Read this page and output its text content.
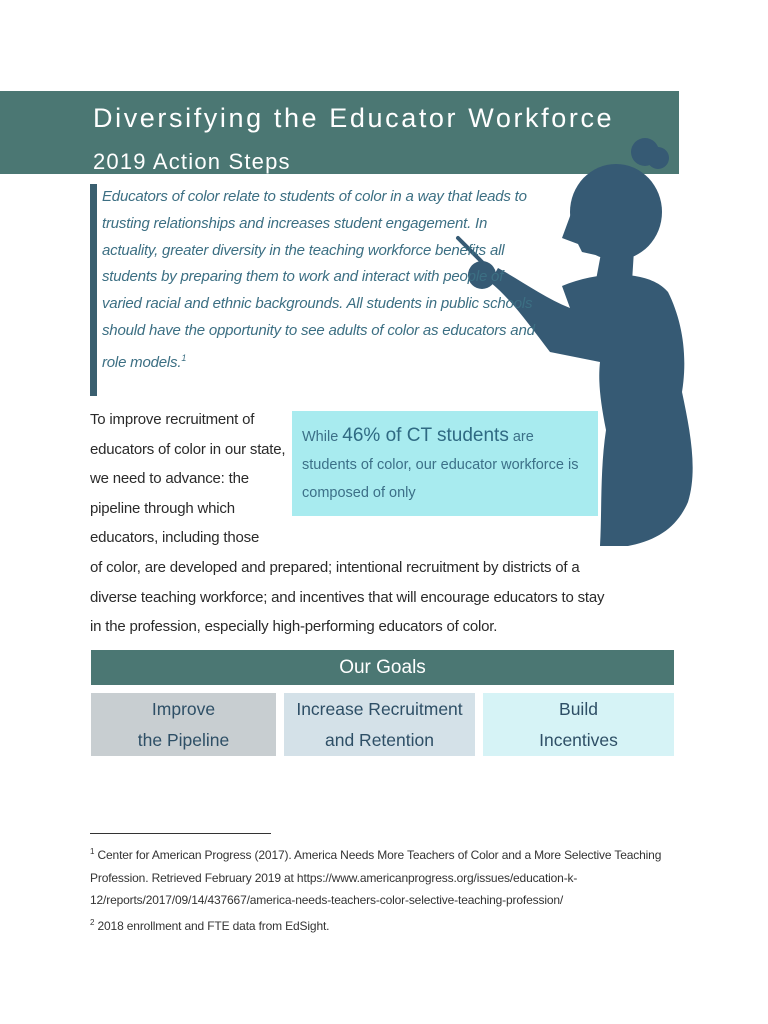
Diversifying the Educator Workforce
2019 Action Steps

Educators of color relate to students of color in a way that leads to trusting relationships and increases student engagement. In actuality, greater diversity in the teaching workforce benefits all students by preparing them to work and interact with people of varied racial and ethnic backgrounds. All students in public schools should have the opportunity to see adults of color as educators and role models.$^1$

To improve recruitment of educators of color in our state, we need to advance: the pipeline through which educators, including those
While 46% of CT students are students of color, our educator workforce is composed of only
of color, are developed and prepared; intentional recruitment by districts of a diverse teaching workforce; and incentives that will encourage educators to stay in the profession, especially high-performing educators of color.
Our Goals
Improve
the Pipeline
Increase Recruitment
and Retention
Build
Incentives

$^1$ Center for American Progress (2017). America Needs More Teachers of Color and a More Selective Teaching Profession. Retrieved February 2019 at https://www.americanprogress.org/issues/education-k-12/reports/2017/09/14/437667/america-needs-teachers-color-selective-teaching-profession/

$^2$ 2018 enrollment and FTE data from EdSight.
